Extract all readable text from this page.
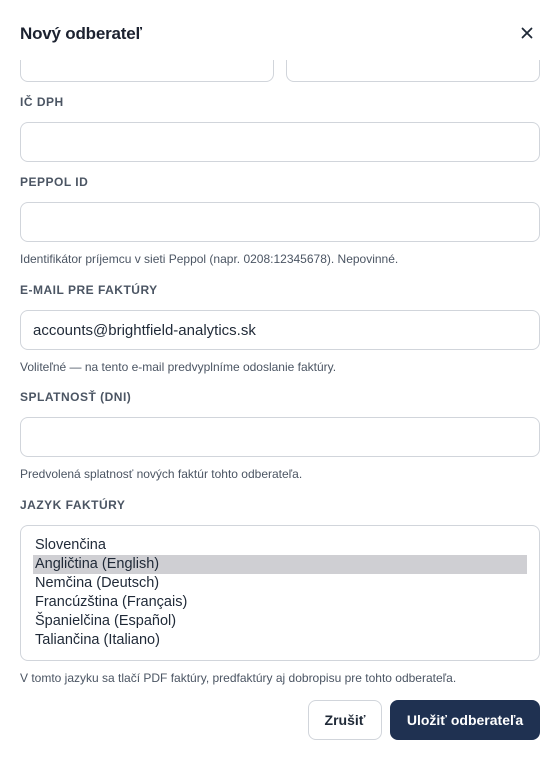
Nový odberateľ
IČ DPH
PEPPOL ID
Identifikátor príjemcu v sieti Peppol (napr. 0208:12345678). Nepovinné.
E-MAIL PRE FAKTÚRY
accounts@brightfield-analytics.sk
Voliteľné — na tento e-mail predvyplníme odoslanie faktúry.
SPLATNOSŤ (DNI)
Predvolená splatnosť nových faktúr tohto odberateľa.
JAZYK FAKTÚRY
Slovenčina
Angličtina (English)
Nemčina (Deutsch)
Francúzština (Français)
Španielčina (Español)
Taliančina (Italiano)
V tomto jazyku sa tlačí PDF faktúry, predfaktúry aj dobropisu pre tohto odberateľa.
Zrušiť	Uložiť odberateľa
